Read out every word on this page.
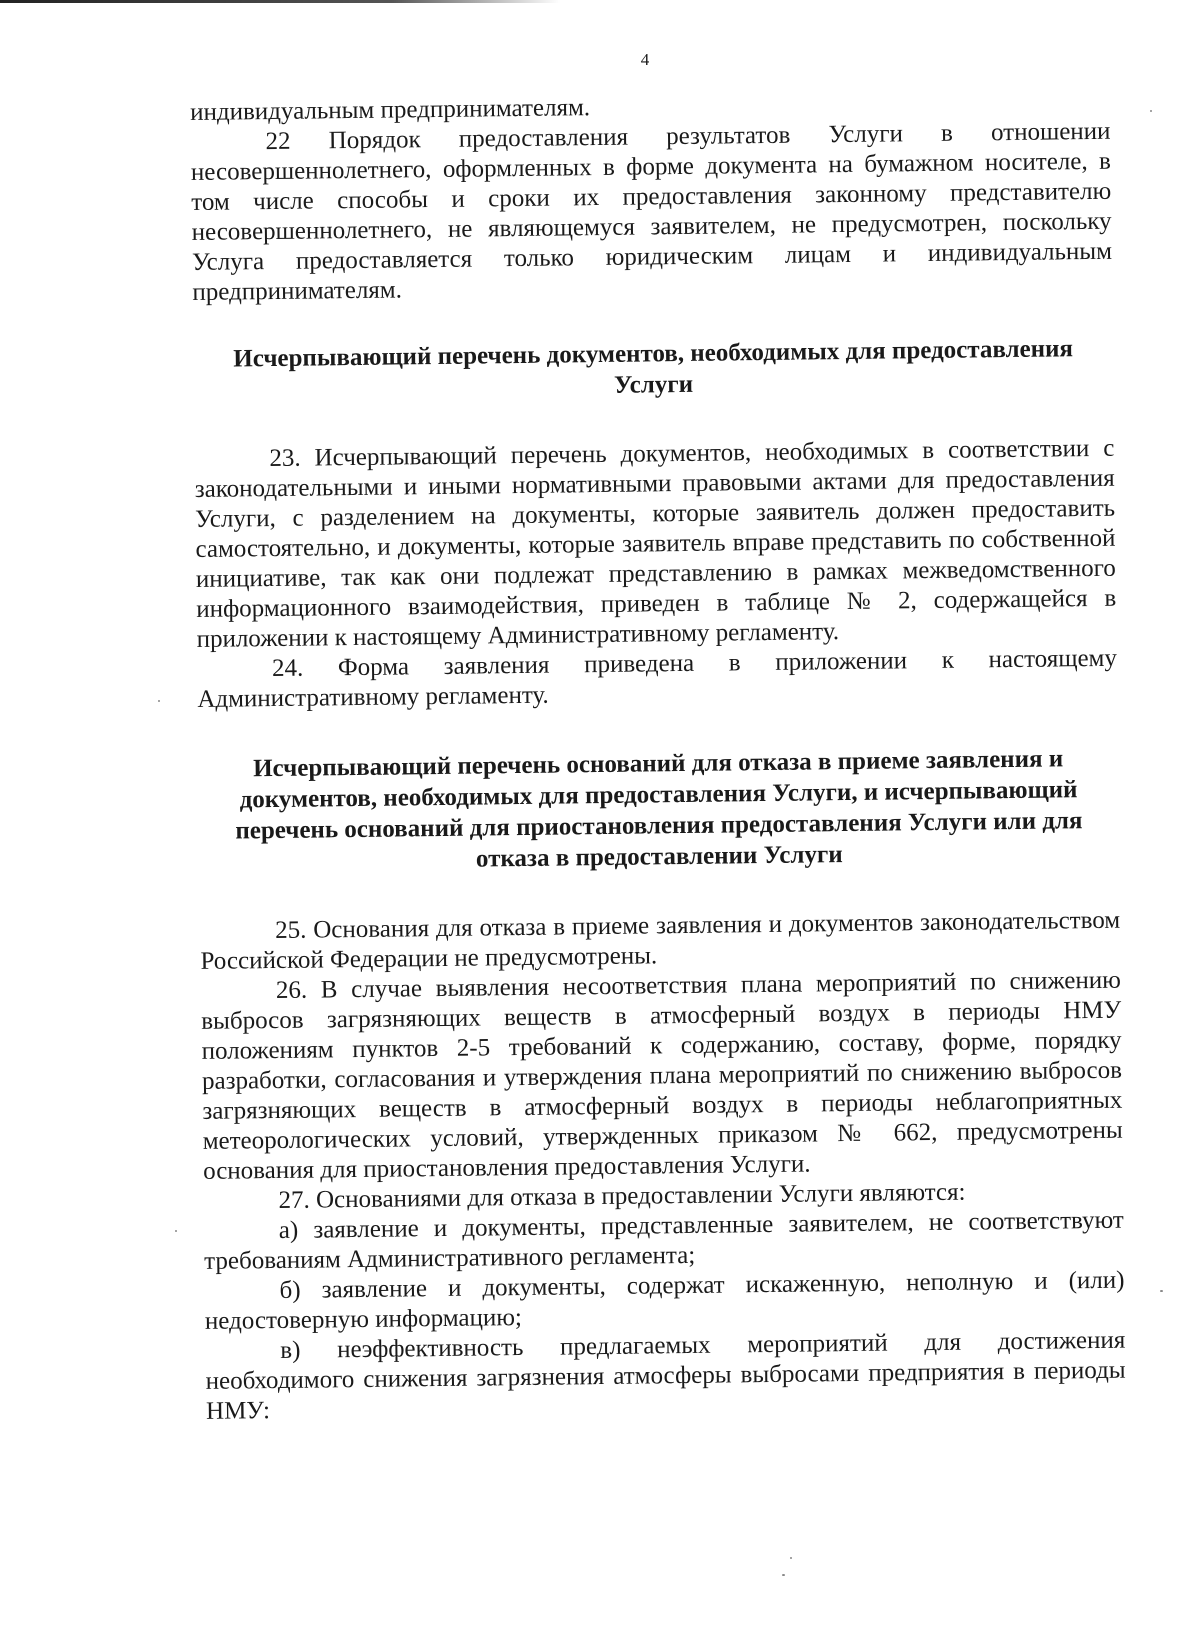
4

индивидуальным предпринимателям.

22 Порядок предоставления результатов Услуги в отношении несовершеннолетнего, оформленных в форме документа на бумажном носителе, в том числе способы и сроки их предоставления законному представителю несовершеннолетнего, не являющемуся заявителем, не предусмотрен, поскольку Услуга предоставляется только юридическим лицам и индивидуальным предпринимателям.

Исчерпывающий перечень документов, необходимых для предоставления Услуги

23. Исчерпывающий перечень документов, необходимых в соответствии с законодательными и иными нормативными правовыми актами для предоставления Услуги, с разделением на документы, которые заявитель должен предоставить самостоятельно, и документы, которые заявитель вправе представить по собственной инициативе, так как они подлежат представлению в рамках межведомственного информационного взаимодействия, приведен в таблице № 2, содержащейся в приложении к настоящему Административному регламенту.

24. Форма заявления приведена в приложении к настоящему Административному регламенту.

Исчерпывающий перечень оснований для отказа в приеме заявления и документов, необходимых для предоставления Услуги, и исчерпывающий перечень оснований для приостановления предоставления Услуги или для отказа в предоставлении Услуги

25. Основания для отказа в приеме заявления и документов законодательством Российской Федерации не предусмотрены.

26. В случае выявления несоответствия плана мероприятий по снижению выбросов загрязняющих веществ в атмосферный воздух в периоды НМУ положениям пунктов 2-5 требований к содержанию, составу, форме, порядку разработки, согласования и утверждения плана мероприятий по снижению выбросов загрязняющих веществ в атмосферный воздух в периоды неблагоприятных метеорологических условий, утвержденных приказом № 662, предусмотрены основания для приостановления предоставления Услуги.

27. Основаниями для отказа в предоставлении Услуги являются:

а) заявление и документы, представленные заявителем, не соответствуют требованиям Административного регламента;

б) заявление и документы, содержат искаженную, неполную и (или) недостоверную информацию;

в) неэффективность предлагаемых мероприятий для достижения необходимого снижения загрязнения атмосферы выбросами предприятия в периоды НМУ:
